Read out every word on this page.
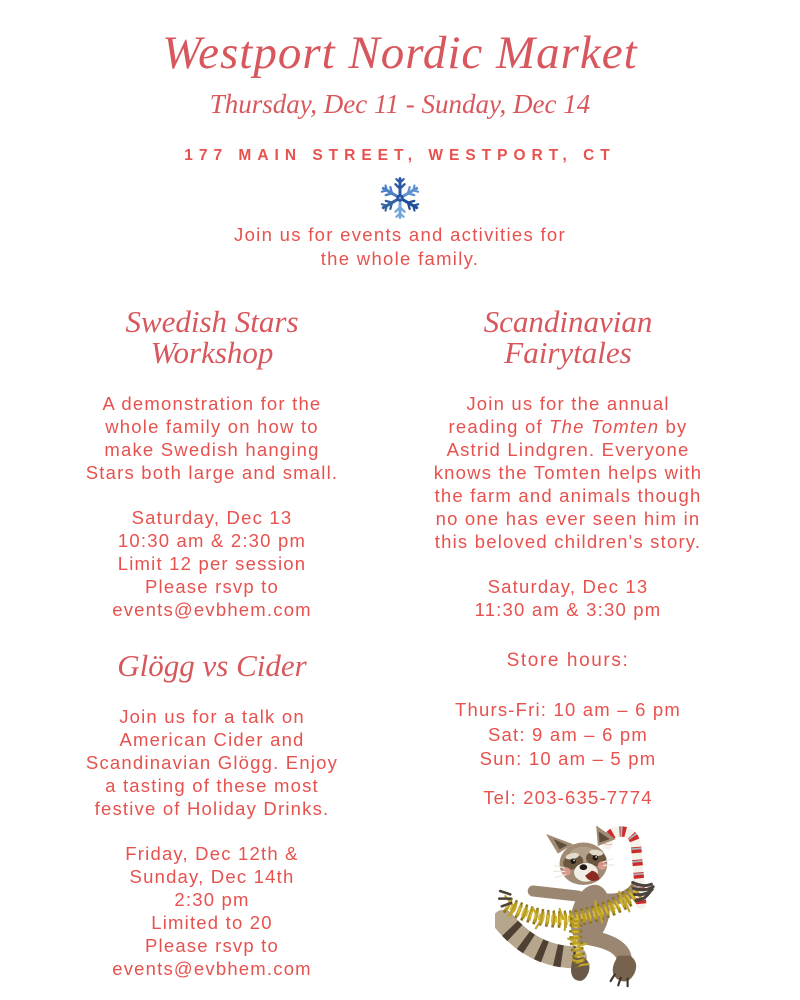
Westport Nordic Market
Thursday, Dec 11 - Sunday, Dec 14
177 MAIN STREET, WESTPORT, CT
Join us for events and activities for
the whole family.
Swedish Stars
Workshop
A demonstration for the
whole family on how to
make Swedish hanging
Stars both large and small.
Saturday, Dec 13
10:30 am & 2:30 pm
Limit 12 per session
Please rsvp to
events@evbhem.com
Scandinavian
Fairytales
Join us for the annual
reading of The Tomten by
Astrid Lindgren. Everyone
knows the Tomten helps with
the farm and animals though
no one has ever seen him in
this beloved children's story.
Saturday, Dec 13
11:30 am & 3:30 pm
Glögg vs Cider
Join us for a talk on
American Cider and
Scandinavian Glögg. Enjoy
a tasting of these most
festive of Holiday Drinks.
Friday, Dec 12th &
Sunday, Dec 14th
2:30 pm
Limited to 20
Please rsvp to
events@evbhem.com
Store hours:
Thurs-Fri: 10 am – 6 pm
Sat: 9 am – 6 pm
Sun: 10 am – 5 pm
Tel: 203-635-7774
